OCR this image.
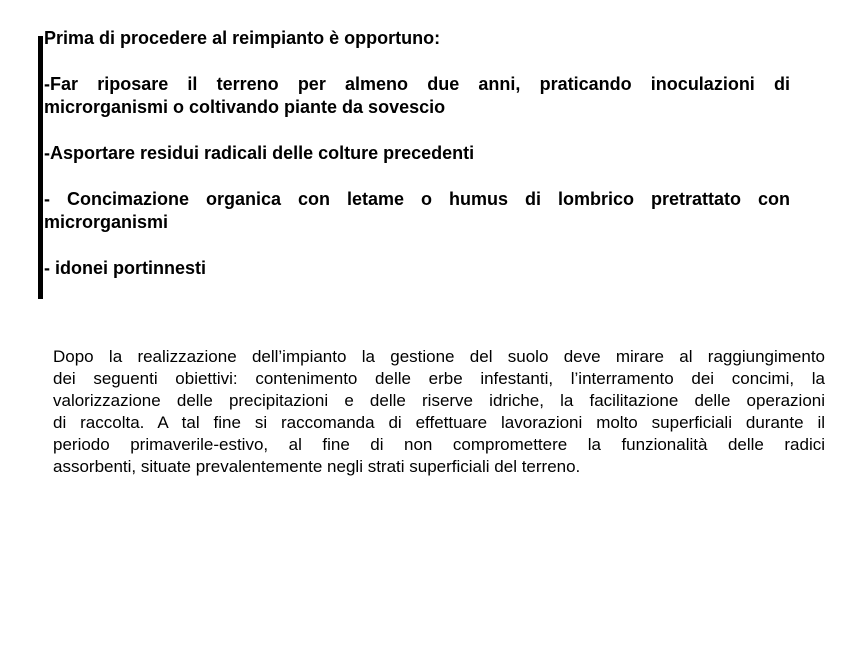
Prima di procedere al reimpianto è opportuno:
-Far riposare il terreno per almeno due anni, praticando inoculazioni di
microrganismi o coltivando piante da sovescio
-Asportare residui radicali delle colture precedenti
- Concimazione organica con letame o humus di lombrico pretrattato con
microrganismi
- idonei portinnesti
Dopo la realizzazione dell’impianto la gestione del suolo deve mirare al raggiungimento
dei seguenti obiettivi: contenimento delle erbe infestanti, l’interramento dei concimi, la
valorizzazione delle precipitazioni e delle riserve idriche, la facilitazione delle operazioni
di raccolta. A tal fine si raccomanda di effettuare lavorazioni molto superficiali durante il
periodo primaverile-estivo, al fine di non compromettere la funzionalità delle radici
assorbenti, situate prevalentemente negli strati superficiali del terreno.
